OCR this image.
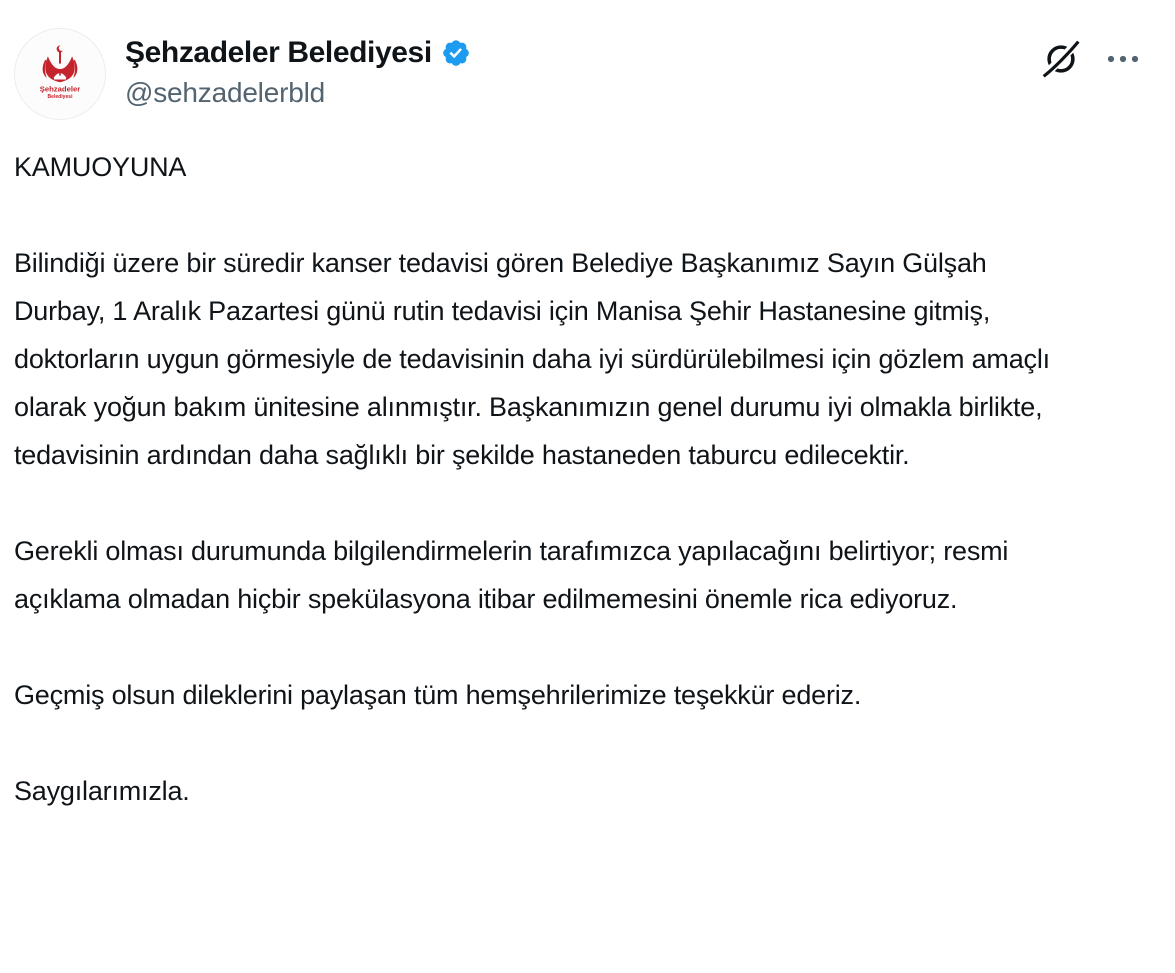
Şehzadeler
Belediyesi
Şehzadeler Belediyesi
@sehzadelerbld

KAMUOYUNA

Bilindiği üzere bir süredir kanser tedavisi gören Belediye Başkanımız Sayın Gülşah Durbay, 1 Aralık Pazartesi günü rutin tedavisi için Manisa Şehir Hastanesine gitmiş, doktorların uygun görmesiyle de tedavisinin daha iyi sürdürülebilmesi için gözlem amaçlı olarak yoğun bakım ünitesine alınmıştır. Başkanımızın genel durumu iyi olmakla birlikte, tedavisinin ardından daha sağlıklı bir şekilde hastaneden taburcu edilecektir.

Gerekli olması durumunda bilgilendirmelerin tarafımızca yapılacağını belirtiyor; resmi açıklama olmadan hiçbir spekülasyona itibar edilmemesini önemle rica ediyoruz.

Geçmiş olsun dileklerini paylaşan tüm hemşehrilerimize teşekkür ederiz.

Saygılarımızla.
